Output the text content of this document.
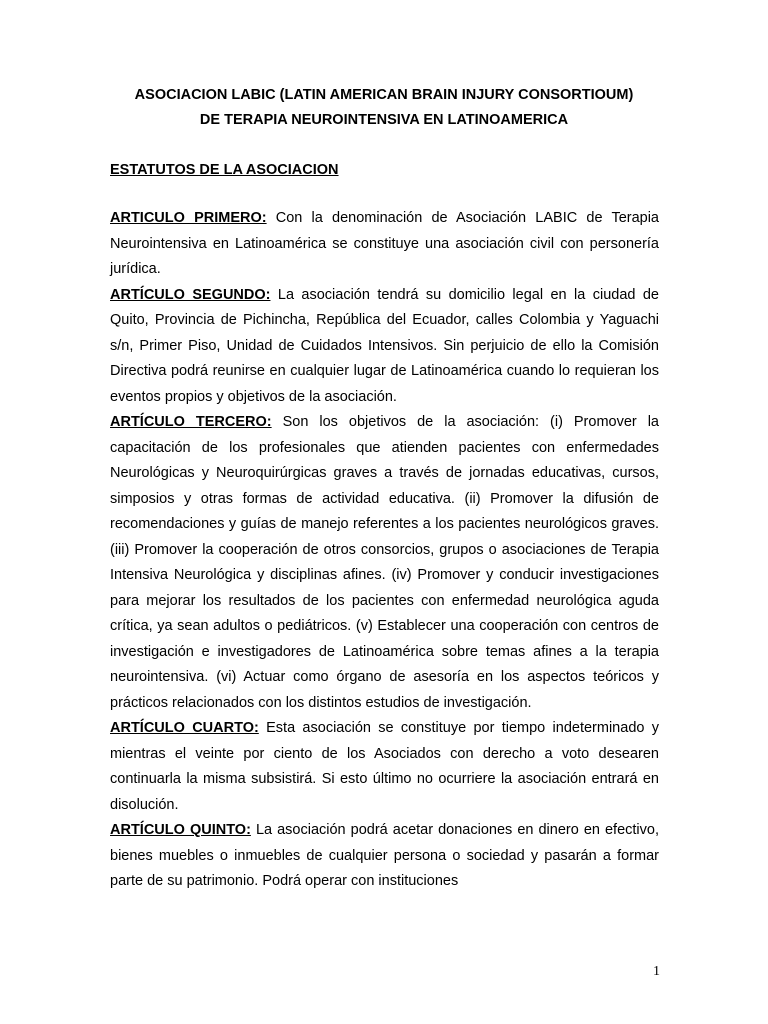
ASOCIACION LABIC (LATIN AMERICAN BRAIN INJURY CONSORTIOUM)
DE TERAPIA NEUROINTENSIVA EN LATINOAMERICA
ESTATUTOS DE LA ASOCIACION

ARTICULO PRIMERO: Con la denominación de Asociación LABIC de Terapia Neurointensiva en Latinoamérica se constituye una asociación civil con personería jurídica.

ARTÍCULO SEGUNDO: La asociación tendrá su domicilio legal en la ciudad de Quito, Provincia de Pichincha, República del Ecuador, calles Colombia y Yaguachi s/n, Primer Piso, Unidad de Cuidados Intensivos. Sin perjuicio de ello la Comisión Directiva podrá reunirse en cualquier lugar de Latinoamérica cuando lo requieran los eventos propios y objetivos de la asociación.

ARTÍCULO TERCERO: Son los objetivos de la asociación: (i) Promover la capacitación de los profesionales que atienden pacientes con enfermedades Neurológicas y Neuroquirúrgicas graves a través de jornadas educativas, cursos, simposios y otras formas de actividad educativa. (ii) Promover la difusión de recomendaciones y guías de manejo referentes a los pacientes neurológicos graves. (iii) Promover la cooperación de otros consorcios, grupos o asociaciones de Terapia Intensiva Neurológica y disciplinas afines. (iv) Promover y conducir investigaciones para mejorar los resultados de los pacientes con enfermedad neurológica aguda crítica, ya sean adultos o pediátricos. (v) Establecer una cooperación con centros de investigación e investigadores de Latinoamérica sobre temas afines a la terapia neurointensiva. (vi) Actuar como órgano de asesoría en los aspectos teóricos y prácticos relacionados con los distintos estudios de investigación.

ARTÍCULO CUARTO: Esta asociación se constituye por tiempo indeterminado y mientras el veinte por ciento de los Asociados con derecho a voto desearen continuarla la misma subsistirá. Si esto último no ocurriere la asociación entrará en disolución.

ARTÍCULO QUINTO: La asociación podrá acetar donaciones en dinero en efectivo, bienes muebles o inmuebles de cualquier persona o sociedad y pasarán a formar parte de su patrimonio. Podrá operar con instituciones

1
